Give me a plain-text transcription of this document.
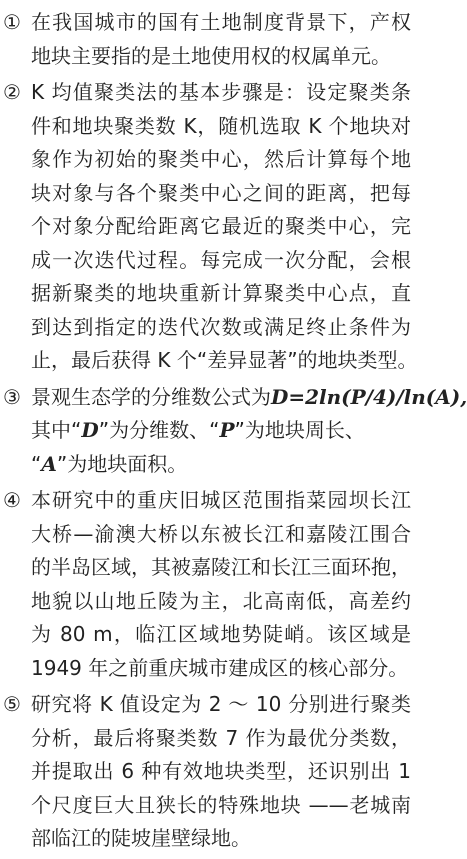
① 在我国城市的国有土地制度背景下，产权
地块主要指的是土地使用权的权属单元。
② K 均值聚类法的基本步骤是：设定聚类条
件和地块聚类数 K，随机选取 K 个地块对
象作为初始的聚类中心，然后计算每个地
块对象与各个聚类中心之间的距离，把每
个对象分配给距离它最近的聚类中心，完
成一次迭代过程。每完成一次分配，会根
据新聚类的地块重新计算聚类中心点，直
到达到指定的迭代次数或满足终止条件为
止，最后获得 K 个“差异显著”的地块类型。
③ 景观生态学的分维数公式为D=2ln(P/4)/ln(A),
其中“D”为分维数、“P”为地块周长、
“A”为地块面积。
④ 本研究中的重庆旧城区范围指菜园坝长江
大桥—渝澳大桥以东被长江和嘉陵江围合
的半岛区域，其被嘉陵江和长江三面环抱，
地貌以山地丘陵为主，北高南低，高差约
为 80 m，临江区域地势陡峭。该区域是
1949 年之前重庆城市建成区的核心部分。
⑤ 研究将 K 值设定为 2 ～ 10 分别进行聚类
分析，最后将聚类数 7 作为最优分类数，
并提取出 6 种有效地块类型，还识别出 1
个尺度巨大且狭长的特殊地块 ——老城南
部临江的陡坡崖壁绿地。
